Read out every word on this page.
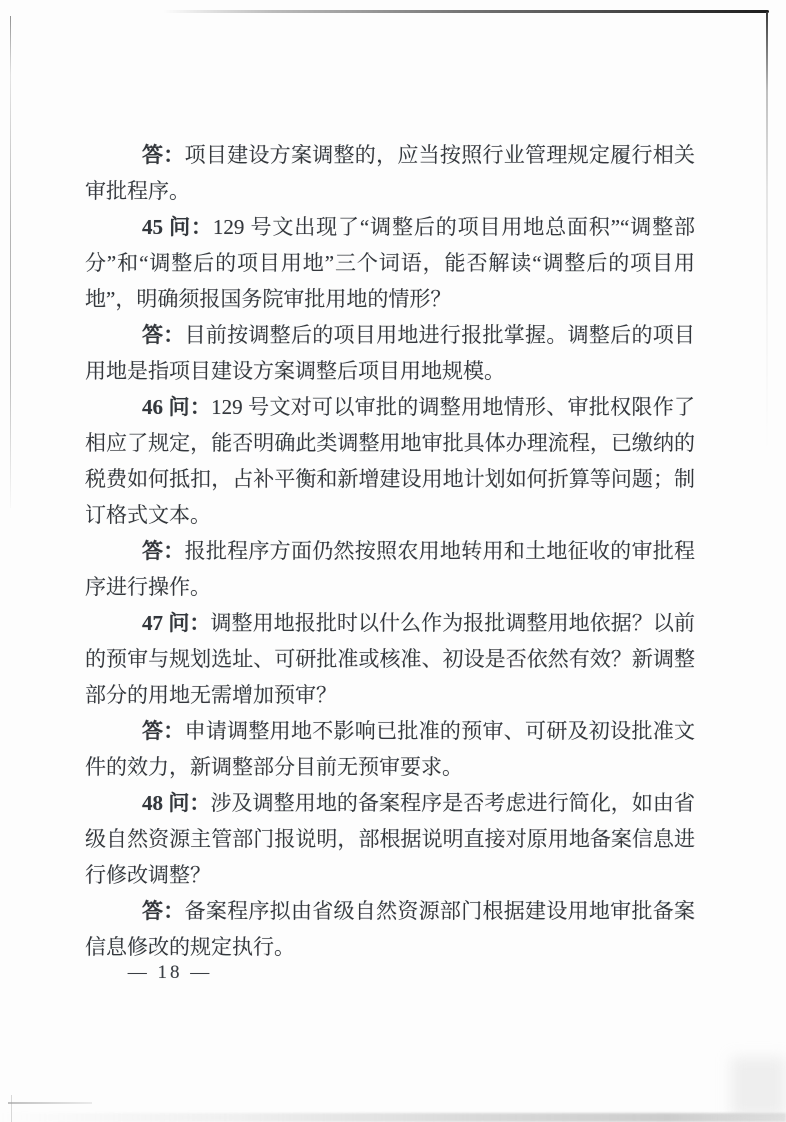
答：项目建设方案调整的，应当按照行业管理规定履行相关审批程序。

45 问：129 号文出现了“调整后的项目用地总面积”“调整部分”和“调整后的项目用地”三个词语，能否解读“调整后的项目用地”，明确须报国务院审批用地的情形？

答：目前按调整后的项目用地进行报批掌握。调整后的项目用地是指项目建设方案调整后项目用地规模。

46 问：129 号文对可以审批的调整用地情形、审批权限作了相应了规定，能否明确此类调整用地审批具体办理流程，已缴纳的税费如何抵扣，占补平衡和新增建设用地计划如何折算等问题；制订格式文本。

答：报批程序方面仍然按照农用地转用和土地征收的审批程序进行操作。

47 问：调整用地报批时以什么作为报批调整用地依据？以前的预审与规划选址、可研批准或核准、初设是否依然有效？新调整部分的用地无需增加预审？

答：申请调整用地不影响已批准的预审、可研及初设批准文件的效力，新调整部分目前无预审要求。

48 问：涉及调整用地的备案程序是否考虑进行简化，如由省级自然资源主管部门报说明，部根据说明直接对原用地备案信息进行修改调整？

答：备案程序拟由省级自然资源部门根据建设用地审批备案信息修改的规定执行。

— 18 —
